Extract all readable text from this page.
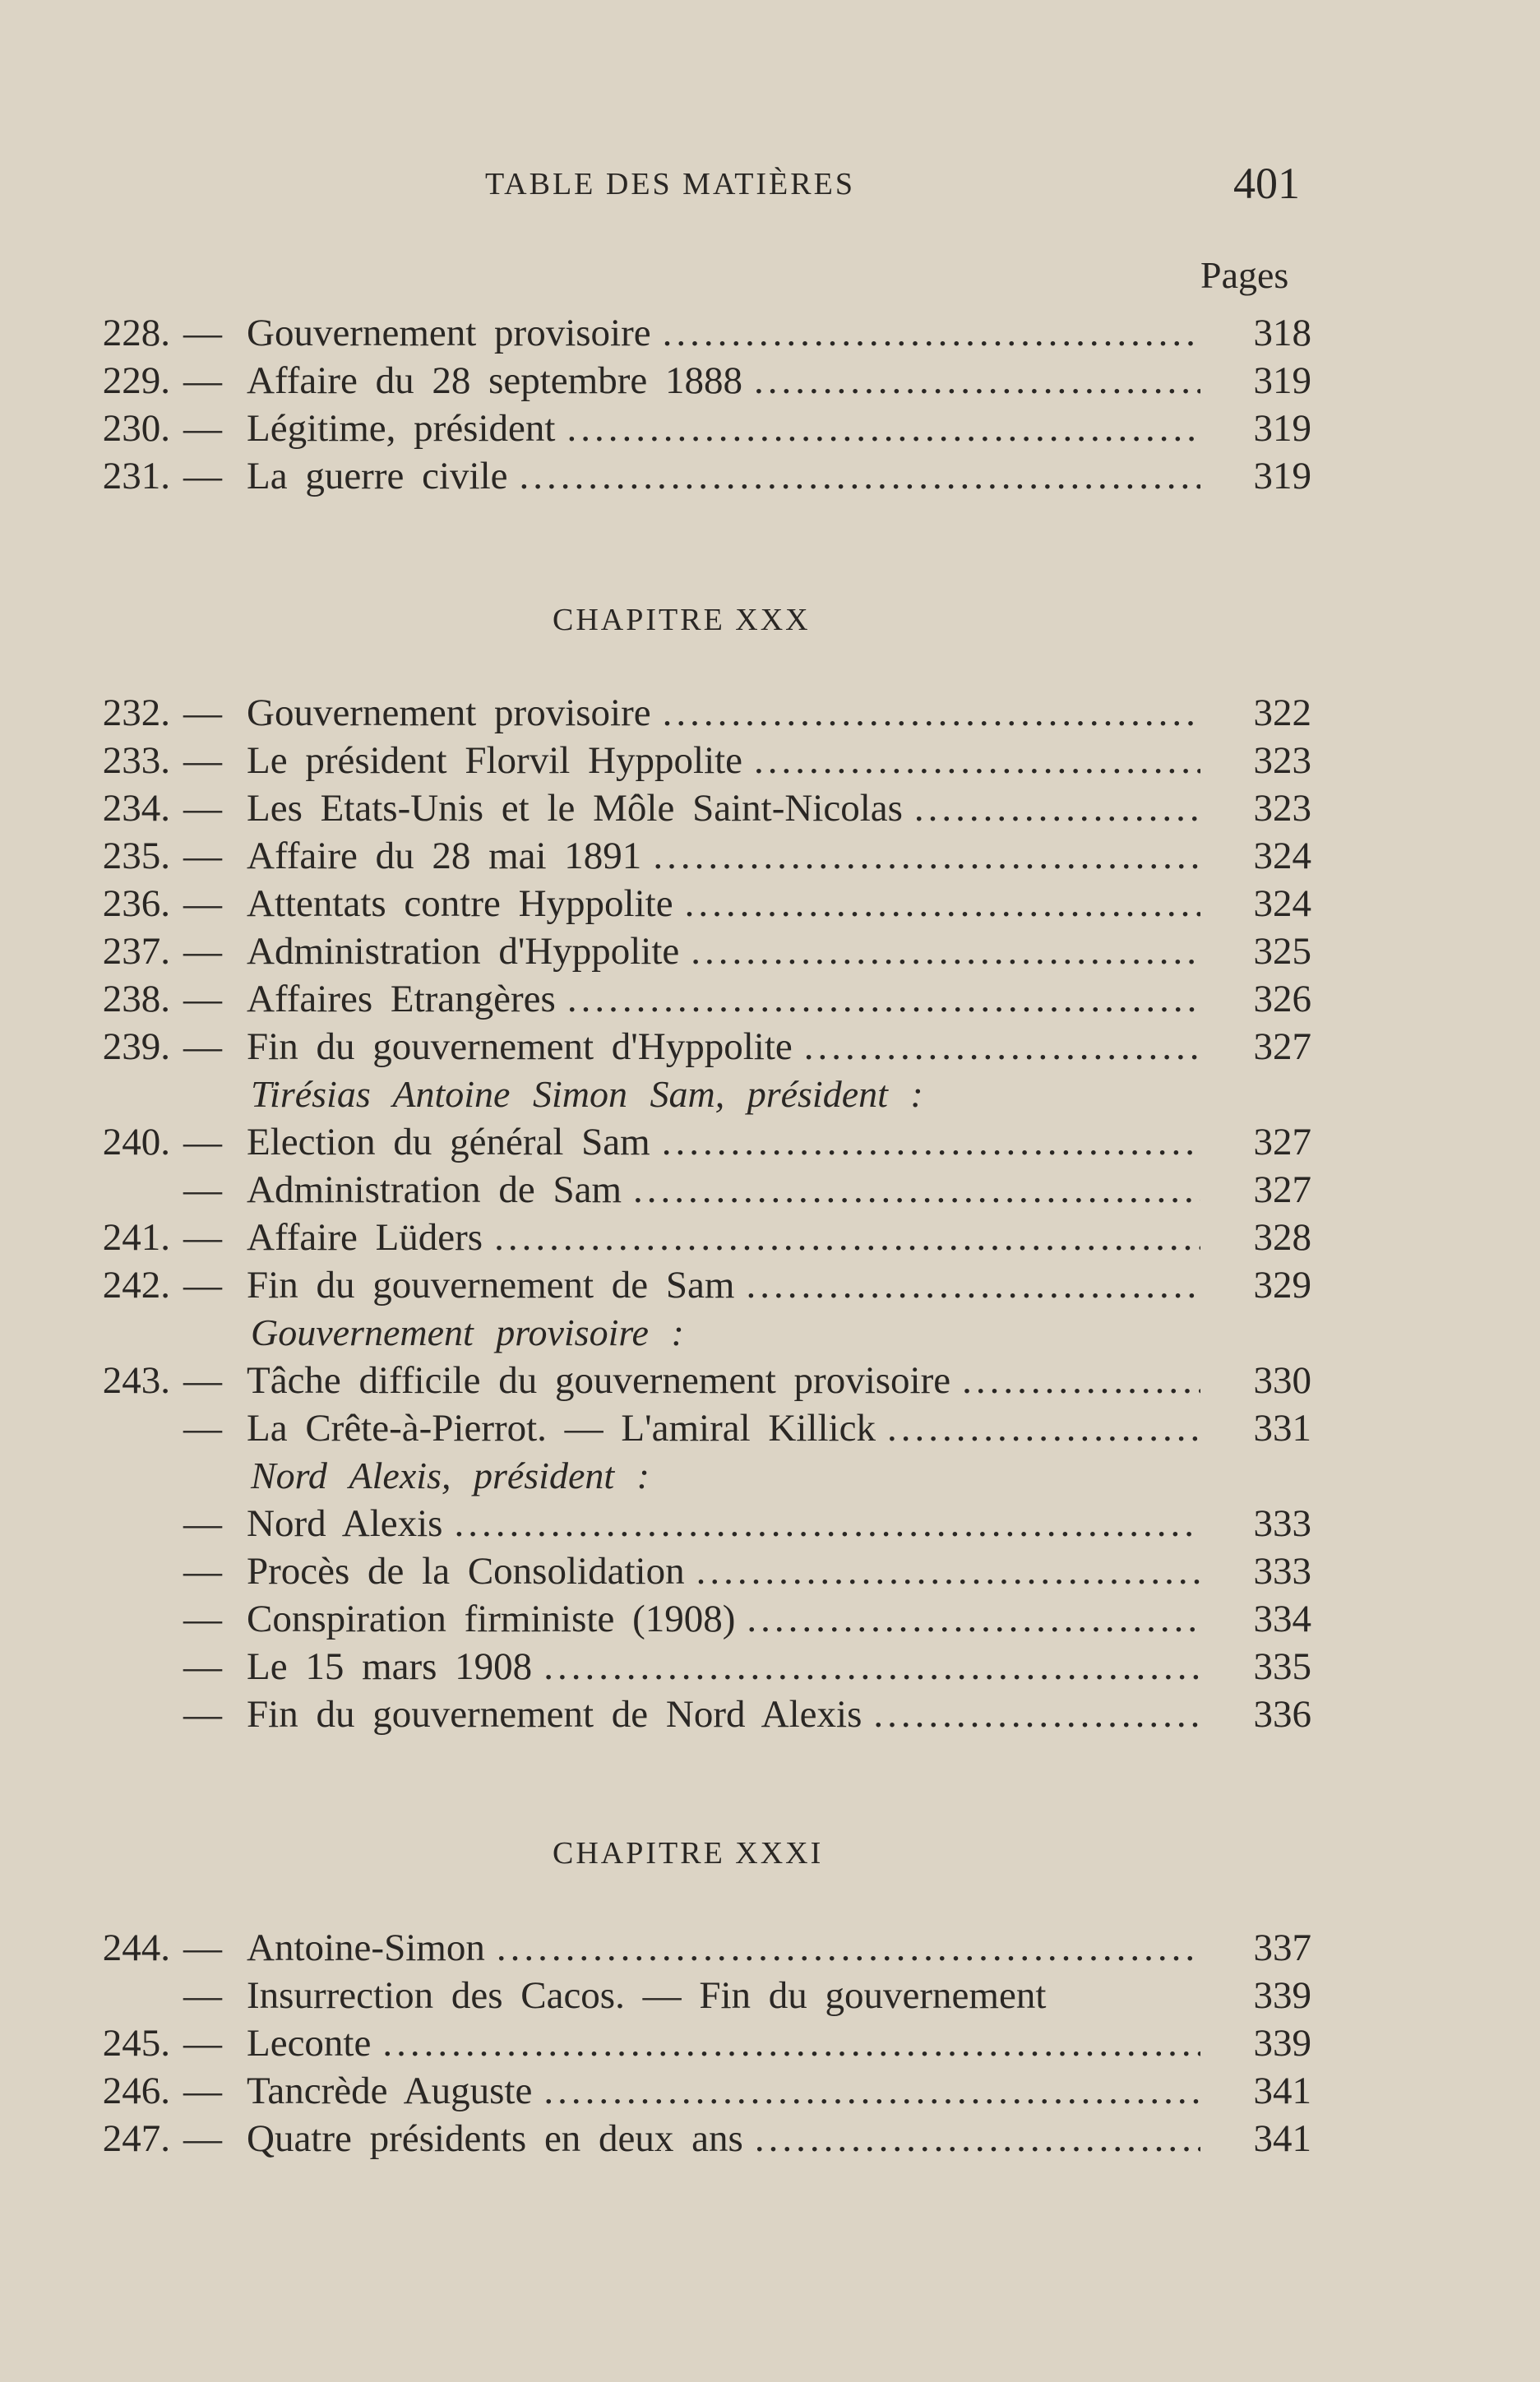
TABLE DES MATIÈRES	401
Pages
228. — Gouvernement provisoire .....	318
229. — Affaire du 28 septembre 1888 .....	319
230. — Légitime, président .....	319
231. — La guerre civile .....	319
CHAPITRE XXX
232. — Gouvernement provisoire .....	322
233. — Le président Florvil Hyppolite .....	323
234. — Les Etats-Unis et le Môle Saint-Nicolas .....	323
235. — Affaire du 28 mai 1891 .....	324
236. — Attentats contre Hyppolite .....	324
237. — Administration d'Hyppolite .....	325
238. — Affaires Etrangères .....	326
239. — Fin du gouvernement d'Hyppolite .....	327
Tirésias Antoine Simon Sam, président :
240. — Election du général Sam .....	327
— Administration de Sam .....	327
241. — Affaire Lüders .....	328
242. — Fin du gouvernement de Sam .....	329
Gouvernement provisoire :
243. — Tâche difficile du gouvernement provisoire .....	330
— La Crête-à-Pierrot. — L'amiral Killick .....	331
Nord Alexis, président :
— Nord Alexis .....	333
— Procès de la Consolidation .....	333
— Conspiration firministe (1908) .....	334
— Le 15 mars 1908 .....	335
— Fin du gouvernement de Nord Alexis .....	336
CHAPITRE XXXI
244. — Antoine-Simon .....	337
— Insurrection des Cacos. — Fin du gouvernement	339
245. — Leconte .....	339
246. — Tancrède Auguste .....	341
247. — Quatre présidents en deux ans .....	341
